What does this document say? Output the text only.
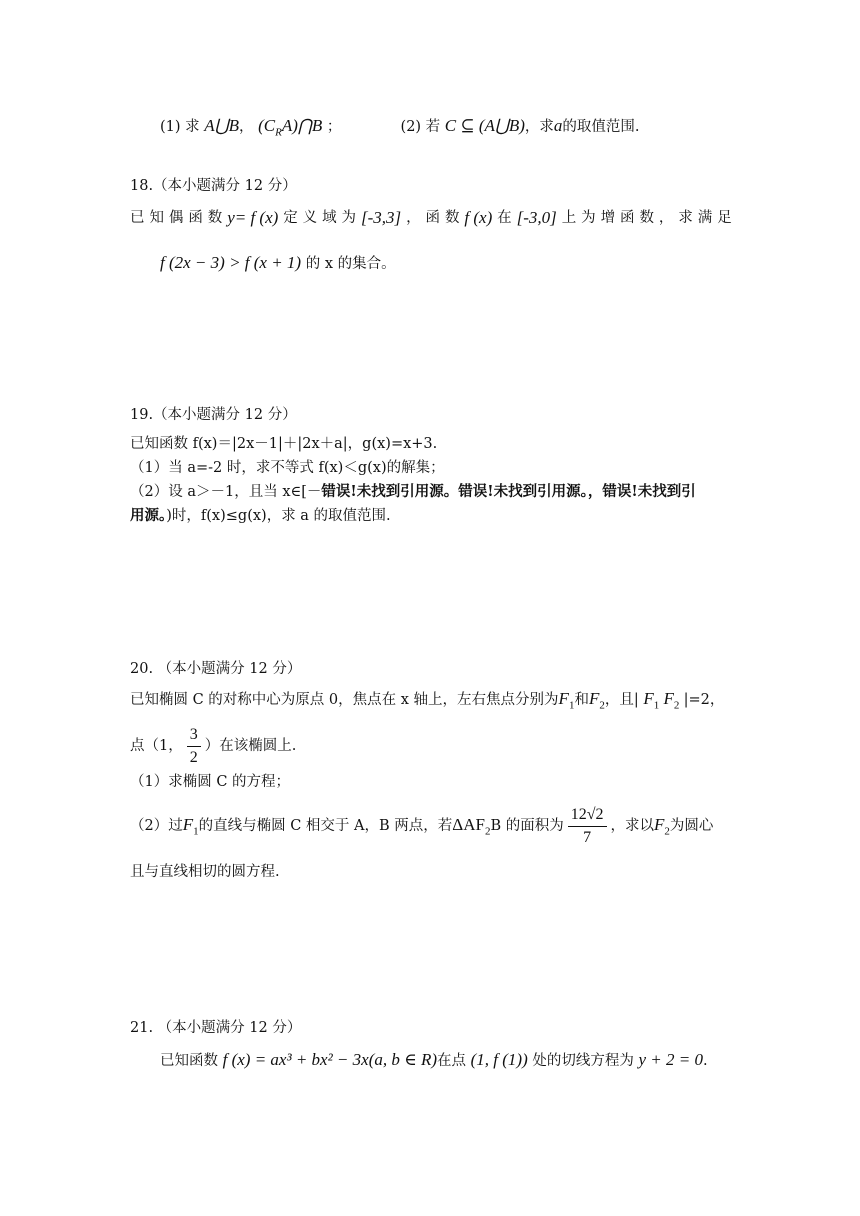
(1) 求 A⋃B， $(C_RA)⋂B$ ；	(2) 若 C ⊆ (A⋃B)，求a的取值范围.
18.（本小题满分 12 分）
已 知 偶 函 数 y= f (x) 定 义 域 为 [-3,3] ， 函 数 f (x) 在 [-3,0] 上 为 增 函 数 ， 求 满 足
f (2x − 3) > f (x + 1) 的 x 的集合。
19.（本小题满分 12 分）
已知函数 f(x)＝|2x－1|＋|2x＋a|，g(x)=x+3.
（1）当 a=-2 时，求不等式 f(x)＜g(x)的解集；
（2）设 a＞－1，且当 x∈[－错误!未找到引用源。错误!未找到引用源。，错误!未找到引
用源。)时，f(x)≤g(x)，求 a 的取值范围.
20. （本小题满分 12 分）
已知椭圆 C 的对称中心为原点 0，焦点在 x 轴上，左右焦点分别为$F_1$和$F_2$，且| $F_1$ $F_2$ |=2，
点（1， $\frac{3}{2}$ ）在该椭圆上.
（1）求椭圆 C 的方程；
（2）过$F_1$的直线与椭圆 C 相交于 A，B 两点，若$\Delta AF_2B$ 的面积为 $\frac{12√2}{7}$ ，求以$F_2$为圆心
且与直线相切的圆方程.
21. （本小题满分 12 分）
已知函数 f (x) = ax³ + bx² − 3x(a, b ∈ R)在点 (1, f (1)) 处的切线方程为 y + 2 = 0.
